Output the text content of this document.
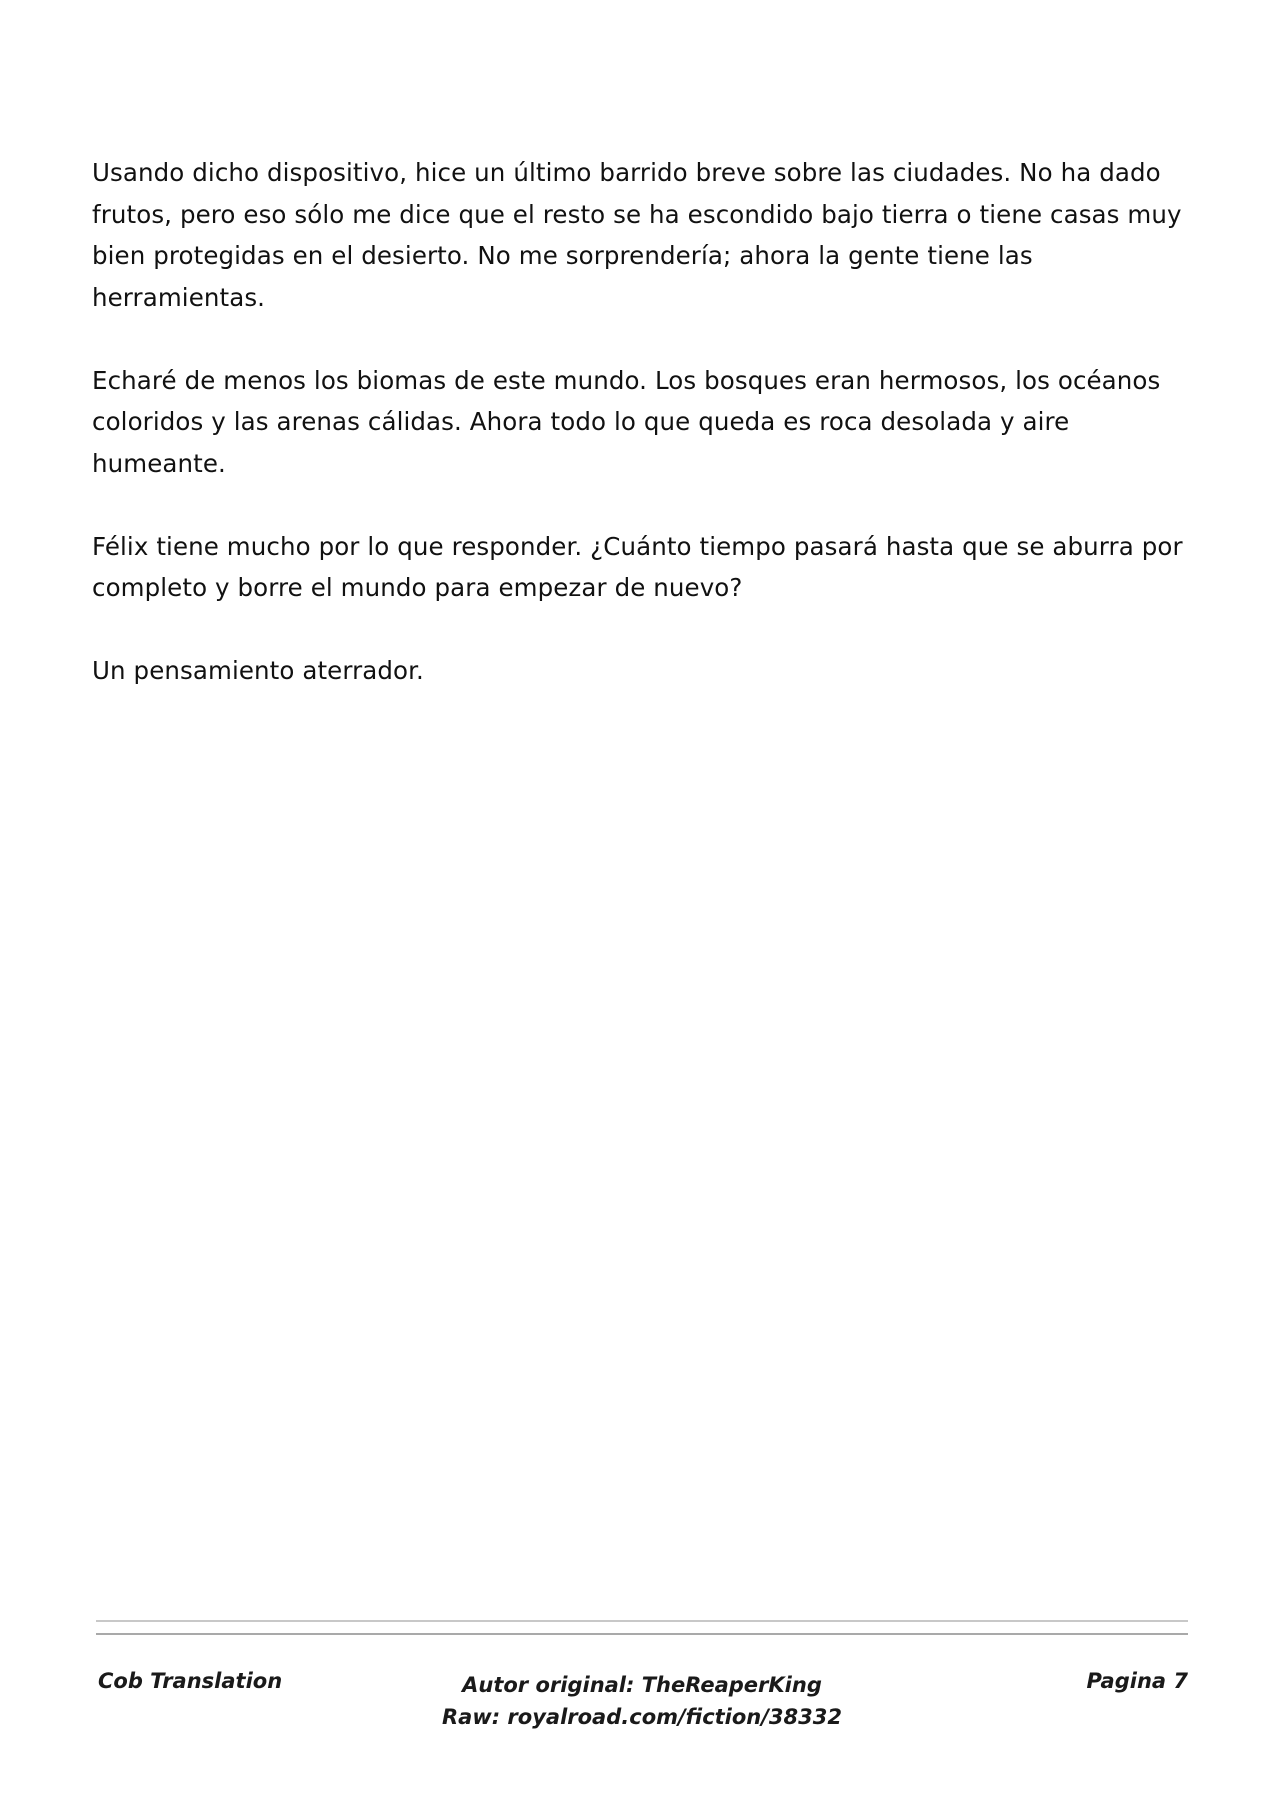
Usando dicho dispositivo, hice un último barrido breve sobre las ciudades. No ha dado frutos, pero eso sólo me dice que el resto se ha escondido bajo tierra o tiene casas muy bien protegidas en el desierto. No me sorprendería; ahora la gente tiene las herramientas.

Echaré de menos los biomas de este mundo. Los bosques eran hermosos, los océanos coloridos y las arenas cálidas. Ahora todo lo que queda es roca desolada y aire humeante.

Félix tiene mucho por lo que responder. ¿Cuánto tiempo pasará hasta que se aburra por completo y borre el mundo para empezar de nuevo?

Un pensamiento aterrador.

Cob Translation	Autor original: TheReaperKing
Raw: royalroad.com/fiction/38332
Pagina 7
